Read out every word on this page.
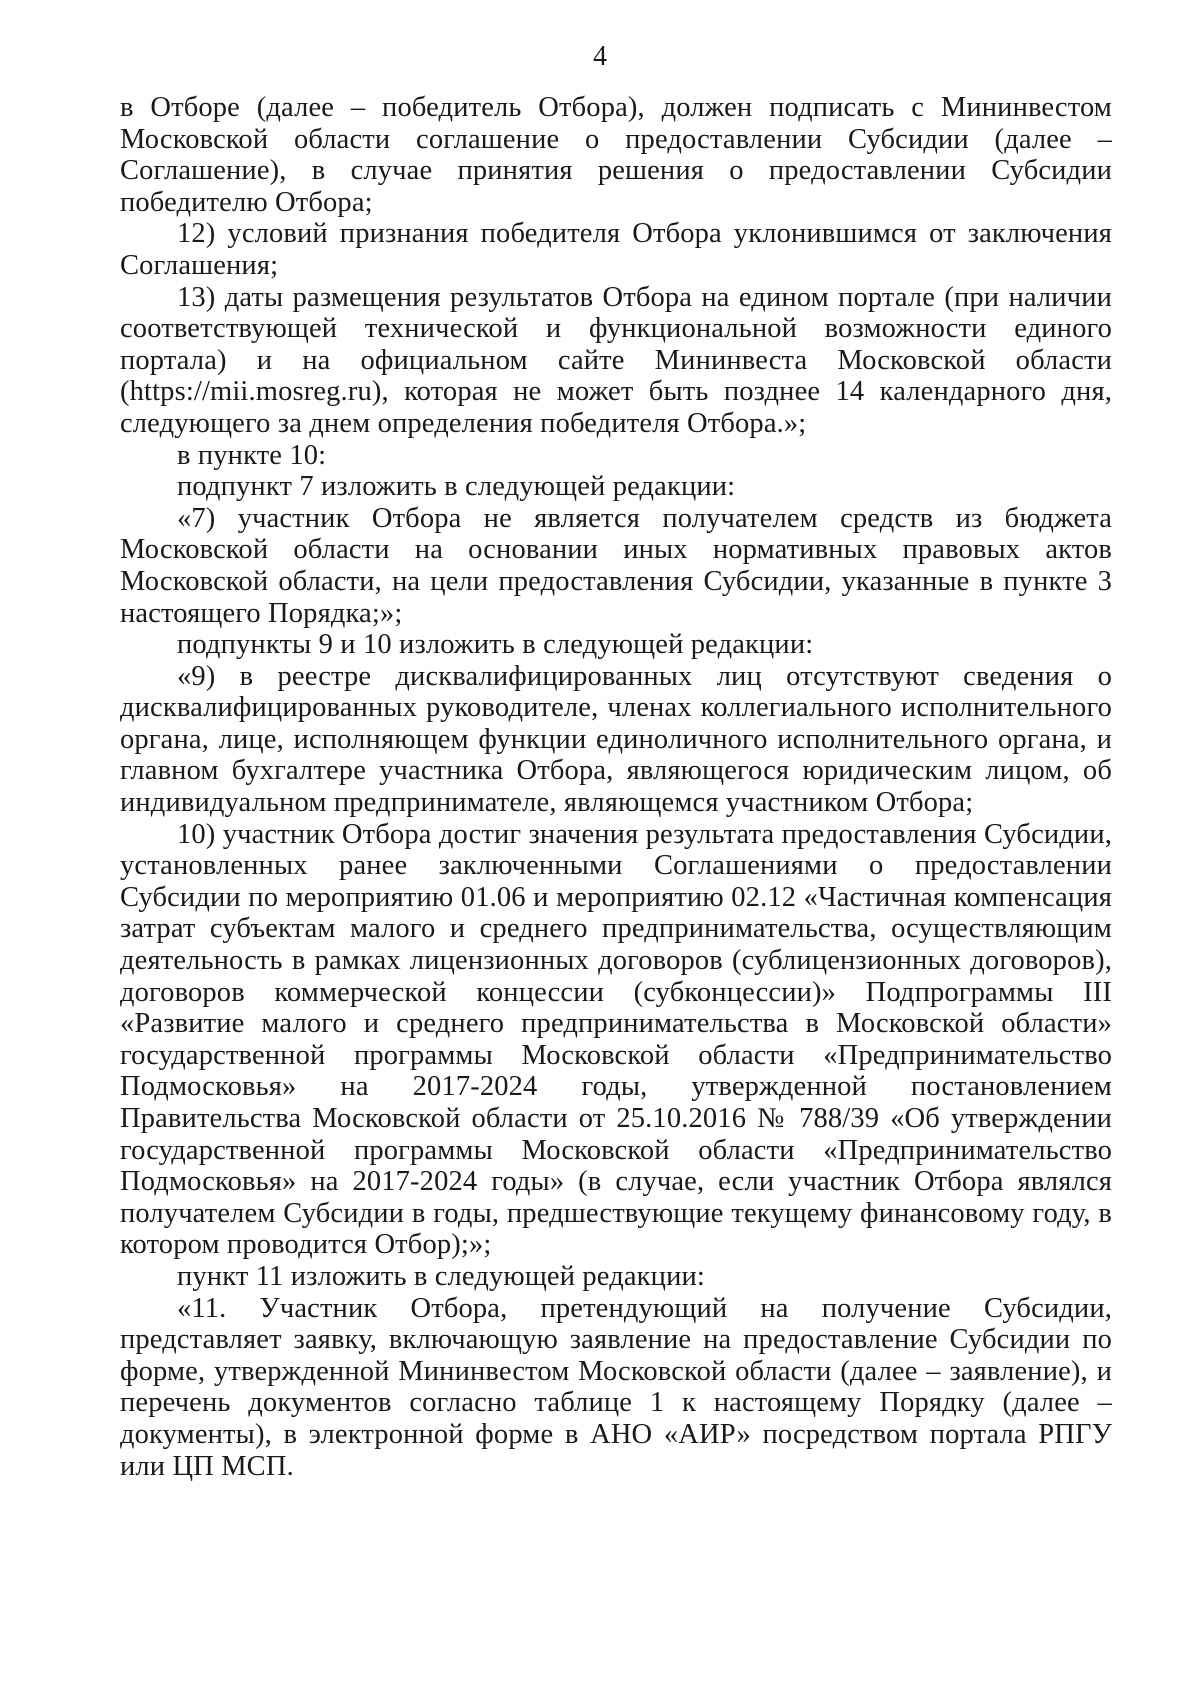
4

в Отборе (далее – победитель Отбора), должен подписать с Мининвестом Московской области соглашение о предоставлении Субсидии (далее – Соглашение), в случае принятия решения о предоставлении Субсидии победителю Отбора;

12) условий признания победителя Отбора уклонившимся от заключения Соглашения;

13) даты размещения результатов Отбора на едином портале (при наличии соответствующей технической и функциональной возможности единого портала) и на официальном сайте Мининвеста Московской области (https://mii.mosreg.ru), которая не может быть позднее 14 календарного дня, следующего за днем определения победителя Отбора.»;

в пункте 10:

подпункт 7 изложить в следующей редакции:

«7) участник Отбора не является получателем средств из бюджета Московской области на основании иных нормативных правовых актов Московской области, на цели предоставления Субсидии, указанные в пункте 3 настоящего Порядка;»;

подпункты 9 и 10 изложить в следующей редакции:

«9) в реестре дисквалифицированных лиц отсутствуют сведения о дисквалифицированных руководителе, членах коллегиального исполнительного органа, лице, исполняющем функции единоличного исполнительного органа, и главном бухгалтере участника Отбора, являющегося юридическим лицом, об индивидуальном предпринимателе, являющемся участником Отбора;

10) участник Отбора достиг значения результата предоставления Субсидии, установленных ранее заключенными Соглашениями о предоставлении Субсидии по мероприятию 01.06 и мероприятию 02.12 «Частичная компенсация затрат субъектам малого и среднего предпринимательства, осуществляющим деятельность в рамках лицензионных договоров (сублицензионных договоров), договоров коммерческой концессии (субконцессии)» Подпрограммы III «Развитие малого и среднего предпринимательства в Московской области» государственной программы Московской области «Предпринимательство Подмосковья» на 2017-2024 годы, утвержденной постановлением Правительства Московской области от 25.10.2016 № 788/39 «Об утверждении государственной программы Московской области «Предпринимательство Подмосковья» на 2017-2024 годы» (в случае, если участник Отбора являлся получателем Субсидии в годы, предшествующие текущему финансовому году, в котором проводится Отбор);»;

пункт 11 изложить в следующей редакции:

«11. Участник Отбора, претендующий на получение Субсидии, представляет заявку, включающую заявление на предоставление Субсидии по форме, утвержденной Мининвестом Московской области (далее – заявление), и перечень документов согласно таблице 1 к настоящему Порядку (далее – документы), в электронной форме в АНО «АИР» посредством портала РПГУ или ЦП МСП.
